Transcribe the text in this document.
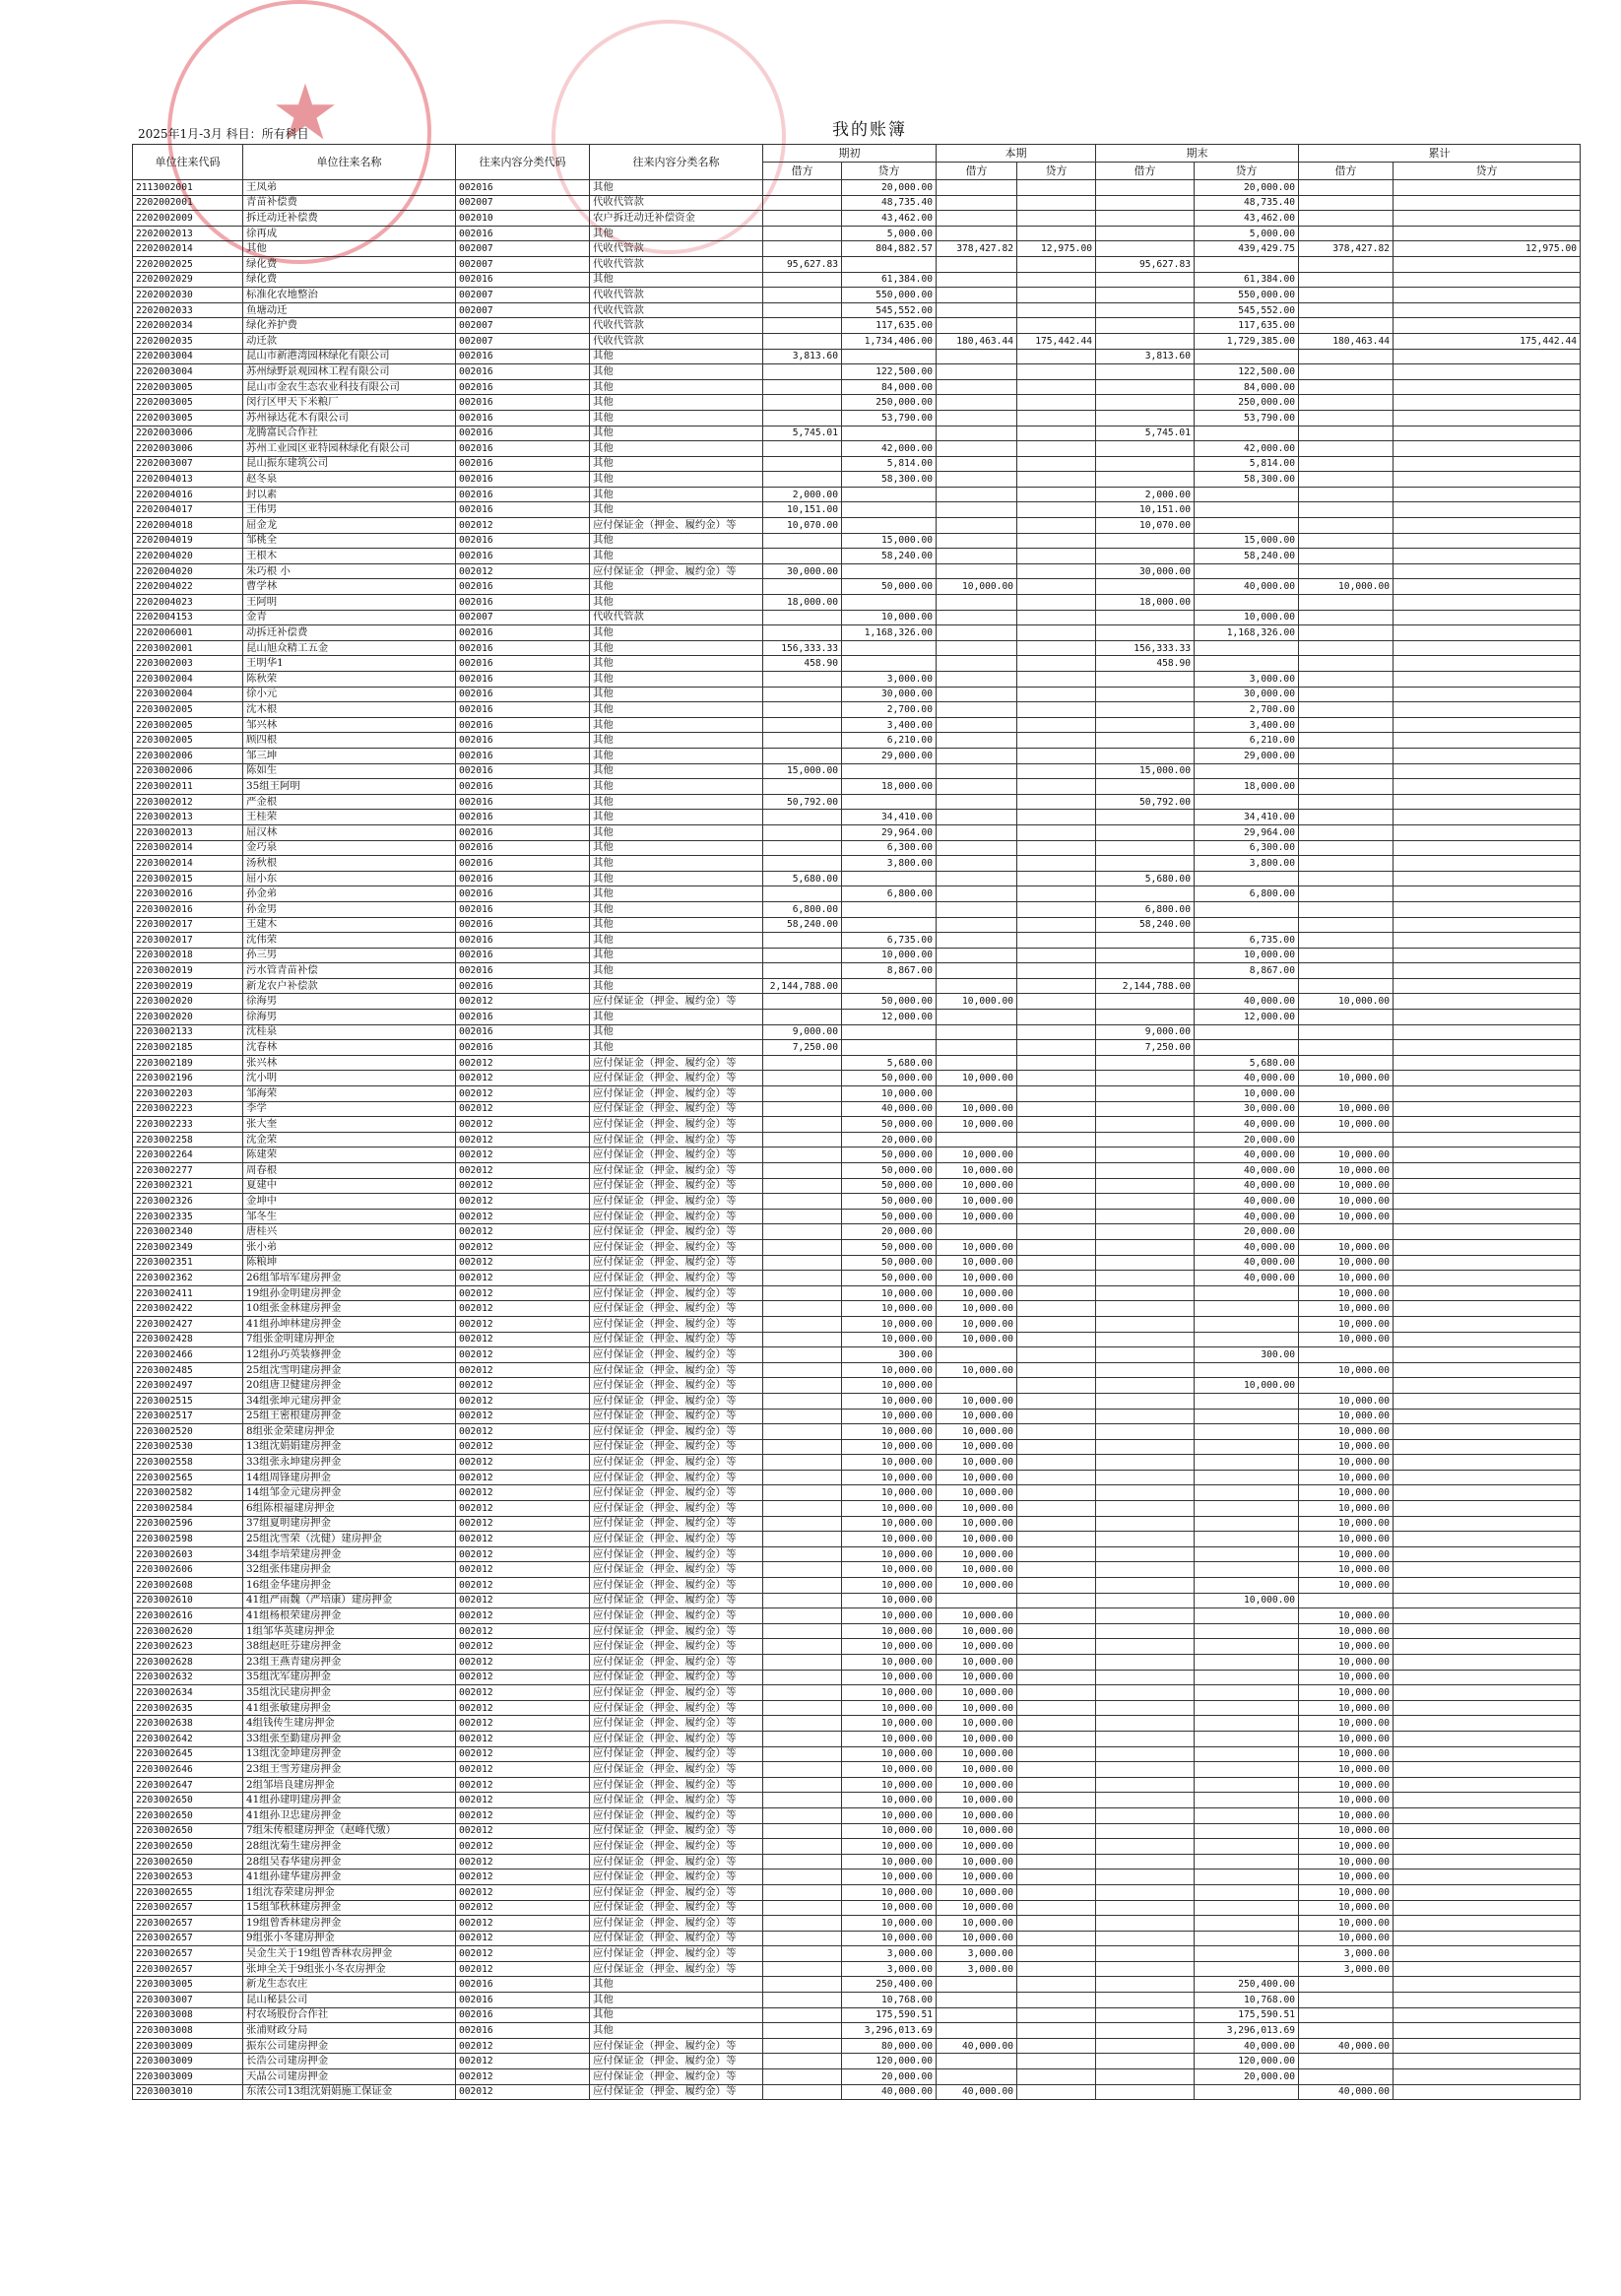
★	我的账簿
2025年1月-3月 科目：所有科目
单位往来代码	单位往来名称	往来内容分类代码	往来内容分类名称	期初		本期		期末		累计	
				借方	贷方	借方	贷方	借方	贷方	借方	贷方
2113002001	王凤弟	002016	其他		20,000.00				20,000.00		
2202002001	青苗补偿费	002007	代收代管款		48,735.40				48,735.40		
2202002009	拆迁动迁补偿费	002010	农户拆迁动迁补偿资金		43,462.00				43,462.00		
2202002013	徐再成	002016	其他		5,000.00				5,000.00		
2202002014	其他	002007	代收代管款		804,882.57	378,427.82	12,975.00		439,429.75	378,427.82	12,975.00
2202002025	绿化费	002007	代收代管款	95,627.83				95,627.83			
2202002029	绿化费	002016	其他		61,384.00				61,384.00		
2202002030	标准化农地整治	002007	代收代管款		550,000.00				550,000.00		
2202002033	鱼塘动迁	002007	代收代管款		545,552.00				545,552.00		
2202002034	绿化养护费	002007	代收代管款		117,635.00				117,635.00		
2202002035	动迁款	002007	代收代管款		1,734,406.00	180,463.44	175,442.44		1,729,385.00	180,463.44	175,442.44
2202003004	昆山市新港湾园林绿化有限公司	002016	其他	3,813.60				3,813.60			
2202003004	苏州绿野景观园林工程有限公司	002016	其他		122,500.00				122,500.00		
2202003005	昆山市金农生态农业科技有限公司	002016	其他		84,000.00				84,000.00		
2202003005	闵行区甲天下米粮厂	002016	其他		250,000.00				250,000.00		
2202003005	苏州禄达花木有限公司	002016	其他		53,790.00				53,790.00		
2202003006	龙腾富民合作社	002016	其他	5,745.01				5,745.01			
2202003006	苏州工业园区亚特园林绿化有限公司	002016	其他		42,000.00				42,000.00		
2202003007	昆山振东建筑公司	002016	其他		5,814.00				5,814.00		
2202004013	赵冬泉	002016	其他		58,300.00				58,300.00		
2202004016	封以素	002016	其他	2,000.00				2,000.00			
2202004017	王伟男	002016	其他	10,151.00				10,151.00			
2202004018	屈金龙	002012	应付保证金（押金、履约金）等	10,070.00				10,070.00			
2202004019	邹桃全	002016	其他		15,000.00				15,000.00		
2202004020	王根木	002016	其他		58,240.00				58,240.00		
2202004020	朱巧根 小	002012	应付保证金（押金、履约金）等	30,000.00				30,000.00			
2202004022	曹学林	002016	其他		50,000.00	10,000.00			40,000.00	10,000.00	
2202004023	王阿明	002016	其他	18,000.00				18,000.00			
2202004153	金青	002007	代收代管款		10,000.00				10,000.00		
2202006001	动拆迁补偿费	002016	其他		1,168,326.00				1,168,326.00		
2203002001	昆山旭众精工五金	002016	其他	156,333.33				156,333.33			
2203002003	王明华1	002016	其他	458.90				458.90			
2203002004	陈秋荣	002016	其他		3,000.00				3,000.00		
2203002004	徐小元	002016	其他		30,000.00				30,000.00		
2203002005	沈木根	002016	其他		2,700.00				2,700.00		
2203002005	邹兴林	002016	其他		3,400.00				3,400.00		
2203002005	顾四根	002016	其他		6,210.00				6,210.00		
2203002006	邹三坤	002016	其他		29,000.00				29,000.00		
2203002006	陈如生	002016	其他	15,000.00				15,000.00			
2203002011	35组王阿明	002016	其他		18,000.00				18,000.00		
2203002012	严金根	002016	其他	50,792.00				50,792.00			
2203002013	王桂荣	002016	其他		34,410.00				34,410.00		
2203002013	屈汉林	002016	其他		29,964.00				29,964.00		
2203002014	金巧泉	002016	其他		6,300.00				6,300.00		
2203002014	汤秋根	002016	其他		3,800.00				3,800.00		
2203002015	屈小东	002016	其他	5,680.00				5,680.00			
2203002016	孙金弟	002016	其他		6,800.00				6,800.00		
2203002016	孙金男	002016	其他	6,800.00				6,800.00			
2203002017	王建木	002016	其他	58,240.00				58,240.00			
2203002017	沈伟荣	002016	其他		6,735.00				6,735.00		
2203002018	孙三男	002016	其他		10,000.00				10,000.00		
2203002019	污水管青苗补偿	002016	其他		8,867.00				8,867.00		
2203002019	新龙农户补偿款	002016	其他	2,144,788.00				2,144,788.00			
2203002020	徐海男	002012	应付保证金（押金、履约金）等		50,000.00	10,000.00			40,000.00	10,000.00	
2203002020	徐海男	002016	其他		12,000.00				12,000.00		
2203002133	沈桂泉	002016	其他	9,000.00				9,000.00			
2203002185	沈春林	002016	其他	7,250.00				7,250.00			
2203002189	张兴林	002012	应付保证金（押金、履约金）等		5,680.00				5,680.00		
2203002196	沈小明	002012	应付保证金（押金、履约金）等		50,000.00	10,000.00			40,000.00	10,000.00	
2203002203	邹海荣	002012	应付保证金（押金、履约金）等		10,000.00				10,000.00		
2203002223	李学	002012	应付保证金（押金、履约金）等		40,000.00	10,000.00			30,000.00	10,000.00	
2203002233	张大奎	002012	应付保证金（押金、履约金）等		50,000.00	10,000.00			40,000.00	10,000.00	
2203002258	沈金荣	002012	应付保证金（押金、履约金）等		20,000.00				20,000.00		
2203002264	陈建荣	002012	应付保证金（押金、履约金）等		50,000.00	10,000.00			40,000.00	10,000.00	
2203002277	周春根	002012	应付保证金（押金、履约金）等		50,000.00	10,000.00			40,000.00	10,000.00	
2203002321	夏建中	002012	应付保证金（押金、履约金）等		50,000.00	10,000.00			40,000.00	10,000.00	
2203002326	金坤中	002012	应付保证金（押金、履约金）等		50,000.00	10,000.00			40,000.00	10,000.00	
2203002335	邹冬生	002012	应付保证金（押金、履约金）等		50,000.00	10,000.00			40,000.00	10,000.00	
2203002340	唐桂兴	002012	应付保证金（押金、履约金）等		20,000.00				20,000.00		
2203002349	张小弟	002012	应付保证金（押金、履约金）等		50,000.00	10,000.00			40,000.00	10,000.00	
2203002351	陈粮坤	002012	应付保证金（押金、履约金）等		50,000.00	10,000.00			40,000.00	10,000.00	
2203002362	26组邹培军建房押金	002012	应付保证金（押金、履约金）等		50,000.00	10,000.00			40,000.00	10,000.00	
2203002411	19组孙金明建房押金	002012	应付保证金（押金、履约金）等		10,000.00	10,000.00				10,000.00	
2203002422	10组张金林建房押金	002012	应付保证金（押金、履约金）等		10,000.00	10,000.00				10,000.00	
2203002427	41组孙坤林建房押金	002012	应付保证金（押金、履约金）等		10,000.00	10,000.00				10,000.00	
2203002428	7组张金明建房押金	002012	应付保证金（押金、履约金）等		10,000.00	10,000.00				10,000.00	
2203002466	12组孙巧英装修押金	002012	应付保证金（押金、履约金）等		300.00				300.00		
2203002485	25组沈雪明建房押金	002012	应付保证金（押金、履约金）等		10,000.00	10,000.00				10,000.00	
2203002497	20组唐卫健建房押金	002012	应付保证金（押金、履约金）等		10,000.00				10,000.00		
2203002515	34组张坤元建房押金	002012	应付保证金（押金、履约金）等		10,000.00	10,000.00				10,000.00	
2203002517	25组王密根建房押金	002012	应付保证金（押金、履约金）等		10,000.00	10,000.00				10,000.00	
2203002520	8组张金荣建房押金	002012	应付保证金（押金、履约金）等		10,000.00	10,000.00				10,000.00	
2203002530	13组沈娟娟建房押金	002012	应付保证金（押金、履约金）等		10,000.00	10,000.00				10,000.00	
2203002558	33组张永坤建房押金	002012	应付保证金（押金、履约金）等		10,000.00	10,000.00				10,000.00	
2203002565	14组周锋建房押金	002012	应付保证金（押金、履约金）等		10,000.00	10,000.00				10,000.00	
2203002582	14组邹金元建房押金	002012	应付保证金（押金、履约金）等		10,000.00	10,000.00				10,000.00	
2203002584	6组陈根福建房押金	002012	应付保证金（押金、履约金）等		10,000.00	10,000.00				10,000.00	
2203002596	37组夏明建房押金	002012	应付保证金（押金、履约金）等		10,000.00	10,000.00				10,000.00	
2203002598	25组沈雪荣（沈健）建房押金	002012	应付保证金（押金、履约金）等		10,000.00	10,000.00				10,000.00	
2203002603	34组李培荣建房押金	002012	应付保证金（押金、履约金）等		10,000.00	10,000.00				10,000.00	
2203002606	32组张伟建房押金	002012	应付保证金（押金、履约金）等		10,000.00	10,000.00				10,000.00	
2203002608	16组金华建房押金	002012	应付保证金（押金、履约金）等		10,000.00	10,000.00				10,000.00	
2203002610	41组严雨魏（严培康）建房押金	002012	应付保证金（押金、履约金）等		10,000.00				10,000.00		
2203002616	41组杨根荣建房押金	002012	应付保证金（押金、履约金）等		10,000.00	10,000.00				10,000.00	
2203002620	1组邹华英建房押金	002012	应付保证金（押金、履约金）等		10,000.00	10,000.00				10,000.00	
2203002623	38组赵旺芬建房押金	002012	应付保证金（押金、履约金）等		10,000.00	10,000.00				10,000.00	
2203002628	23组王燕青建房押金	002012	应付保证金（押金、履约金）等		10,000.00	10,000.00				10,000.00	
2203002632	35组沈军建房押金	002012	应付保证金（押金、履约金）等		10,000.00	10,000.00				10,000.00	
2203002634	35组沈民建房押金	002012	应付保证金（押金、履约金）等		10,000.00	10,000.00				10,000.00	
2203002635	41组张敏建房押金	002012	应付保证金（押金、履约金）等		10,000.00	10,000.00				10,000.00	
2203002638	4组钱传生建房押金	002012	应付保证金（押金、履约金）等		10,000.00	10,000.00				10,000.00	
2203002642	33组张至勤建房押金	002012	应付保证金（押金、履约金）等		10,000.00	10,000.00				10,000.00	
2203002645	13组沈金坤建房押金	002012	应付保证金（押金、履约金）等		10,000.00	10,000.00				10,000.00	
2203002646	23组王雪芳建房押金	002012	应付保证金（押金、履约金）等		10,000.00	10,000.00				10,000.00	
2203002647	2组邹培良建房押金	002012	应付保证金（押金、履约金）等		10,000.00	10,000.00				10,000.00	
2203002650	41组孙建明建房押金	002012	应付保证金（押金、履约金）等		10,000.00	10,000.00				10,000.00	
2203002650	41组孙卫忠建房押金	002012	应付保证金（押金、履约金）等		10,000.00	10,000.00				10,000.00	
2203002650	7组朱传根建房押金（赵峰代缴）	002012	应付保证金（押金、履约金）等		10,000.00	10,000.00				10,000.00	
2203002650	28组沈菊生建房押金	002012	应付保证金（押金、履约金）等		10,000.00	10,000.00				10,000.00	
2203002650	28组吴春华建房押金	002012	应付保证金（押金、履约金）等		10,000.00	10,000.00				10,000.00	
2203002653	41组孙建华建房押金	002012	应付保证金（押金、履约金）等		10,000.00	10,000.00				10,000.00	
2203002655	1组沈春荣建房押金	002012	应付保证金（押金、履约金）等		10,000.00	10,000.00				10,000.00	
2203002657	15组邹秋林建房押金	002012	应付保证金（押金、履约金）等		10,000.00	10,000.00				10,000.00	
2203002657	19组曾香林建房押金	002012	应付保证金（押金、履约金）等		10,000.00	10,000.00				10,000.00	
2203002657	9组张小冬建房押金	002012	应付保证金（押金、履约金）等		10,000.00	10,000.00				10,000.00	
2203002657	吴金生关于19组曾香林农房押金	002012	应付保证金（押金、履约金）等		3,000.00	3,000.00				3,000.00	
2203002657	张坤全关于9组张小冬农房押金	002012	应付保证金（押金、履约金）等		3,000.00	3,000.00				3,000.00	
2203003005	新龙生态农庄	002016	其他		250,400.00				250,400.00		
2203003007	昆山秘县公司	002016	其他		10,768.00				10,768.00		
2203003008	村农场股份合作社	002016	其他		175,590.51				175,590.51		
2203003008	张浦财政分局	002016	其他		3,296,013.69				3,296,013.69		
2203003009	振东公司建房押金	002012	应付保证金（押金、履约金）等		80,000.00	40,000.00			40,000.00	40,000.00	
2203003009	长浩公司建房押金	002012	应付保证金（押金、履约金）等		120,000.00				120,000.00		
2203003009	天晶公司建房押金	002012	应付保证金（押金、履约金）等		20,000.00				20,000.00		
2203003010	东浓公司13组沈娟娟施工保证金	002012	应付保证金（押金、履约金）等		40,000.00	40,000.00				40,000.00	
